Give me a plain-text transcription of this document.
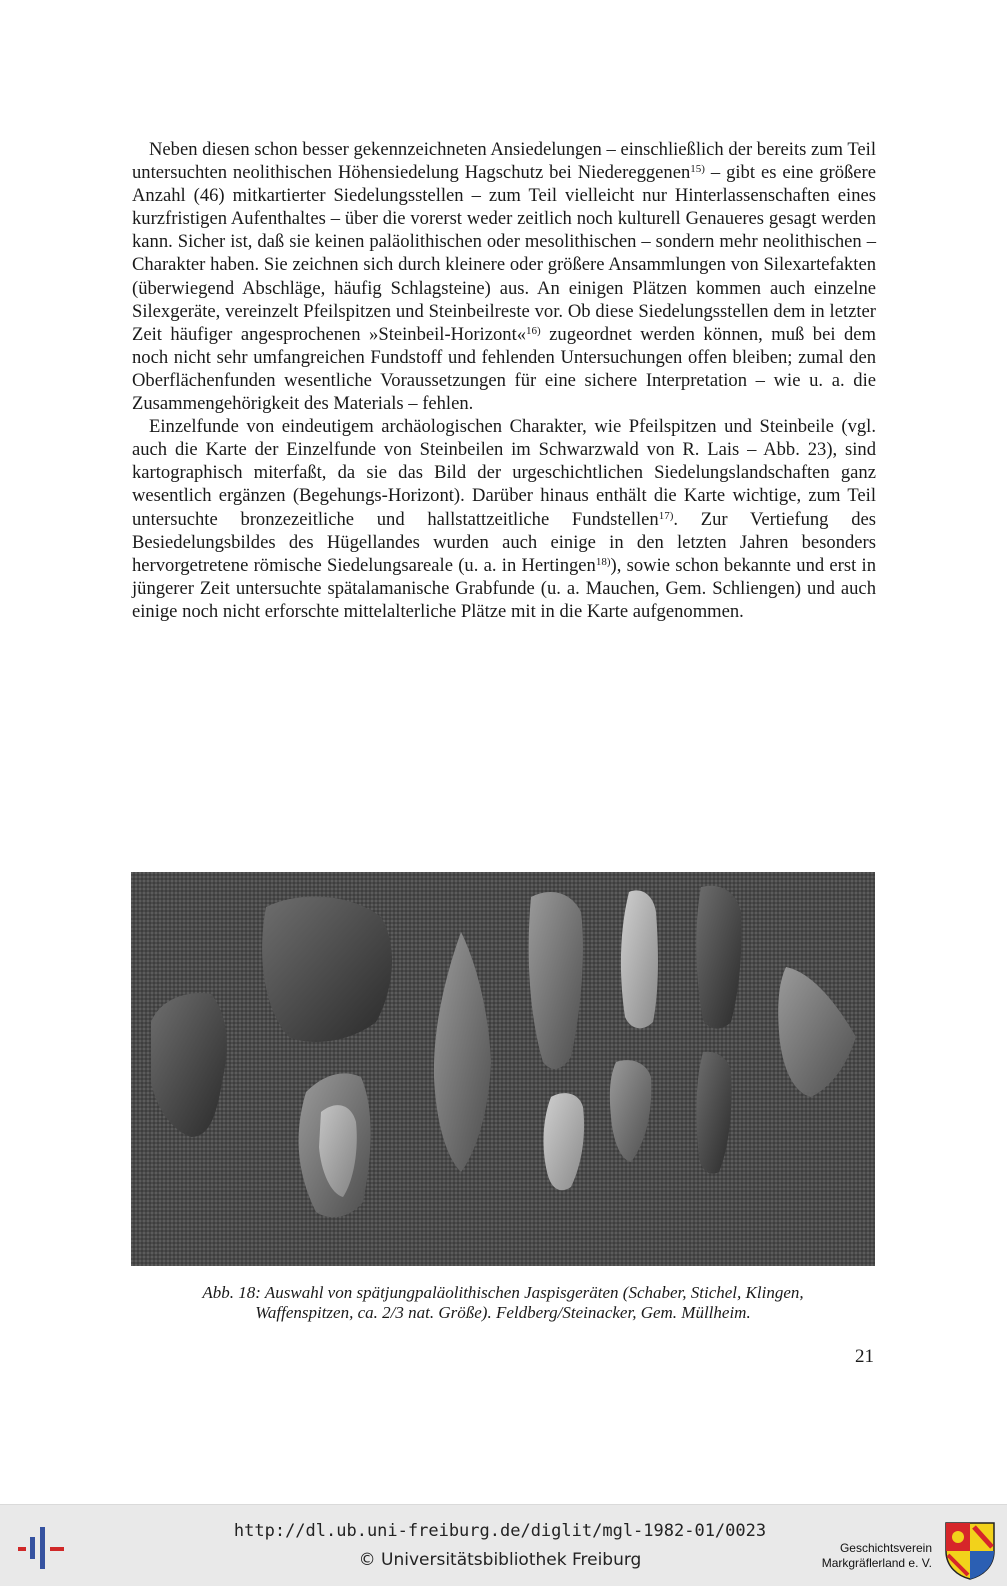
Neben diesen schon besser gekennzeichneten Ansiedelungen – einschließlich der bereits zum Teil untersuchten neolithischen Höhensiedelung Hagschutz bei Niedereggenen$^{15)}$ – gibt es eine größere Anzahl (46) mitkartierter Siedelungsstellen – zum Teil vielleicht nur Hinterlassenschaften eines kurzfristigen Aufenthaltes – über die vorerst weder zeitlich noch kulturell Genaueres gesagt werden kann. Sicher ist, daß sie keinen paläolithischen oder mesolithischen – sondern mehr neolithischen – Charakter haben. Sie zeichnen sich durch kleinere oder größere Ansammlungen von Silexartefakten (überwiegend Abschläge, häufig Schlagsteine) aus. An einigen Plätzen kommen auch einzelne Silexgeräte, vereinzelt Pfeilspitzen und Steinbeilreste vor. Ob diese Siedelungsstellen dem in letzter Zeit häufiger angesprochenen »Steinbeil-Horizont«$^{16)}$ zugeordnet werden können, muß bei dem noch nicht sehr umfangreichen Fundstoff und fehlenden Untersuchungen offen bleiben; zumal den Oberflächenfunden wesentliche Voraussetzungen für eine sichere Interpretation – wie u. a. die Zusammengehörigkeit des Materials – fehlen.

Einzelfunde von eindeutigem archäologischen Charakter, wie Pfeilspitzen und Steinbeile (vgl. auch die Karte der Einzelfunde von Steinbeilen im Schwarzwald von R. Lais – Abb. 23), sind kartographisch miterfaßt, da sie das Bild der urgeschichtlichen Siedelungslandschaften ganz wesentlich ergänzen (Begehungs-Horizont). Darüber hinaus enthält die Karte wichtige, zum Teil untersuchte bronzezeitliche und hallstattzeitliche Fundstellen$^{17)}$. Zur Vertiefung des Besiedelungsbildes des Hügellandes wurden auch einige in den letzten Jahren besonders hervorgetretene römische Siedelungsareale (u. a. in Hertingen$^{18)}$), sowie schon bekannte und erst in jüngerer Zeit untersuchte spätalamanische Grabfunde (u. a. Mauchen, Gem. Schliengen) und auch einige noch nicht erforschte mittelalterliche Plätze mit in die Karte aufgenommen.

Abb. 18: Auswahl von spätjungpaläolithischen Jaspisgeräten (Schaber, Stichel, Klingen,
Waffenspitzen, ca. 2/3 nat. Größe). Feldberg/Steinacker, Gem. Müllheim.
21
http://dl.ub.uni-freiburg.de/diglit/mgl-1982-01/0023
© Universitätsbibliothek Freiburg
Geschichtsverein
Markgräflerland e. V.
